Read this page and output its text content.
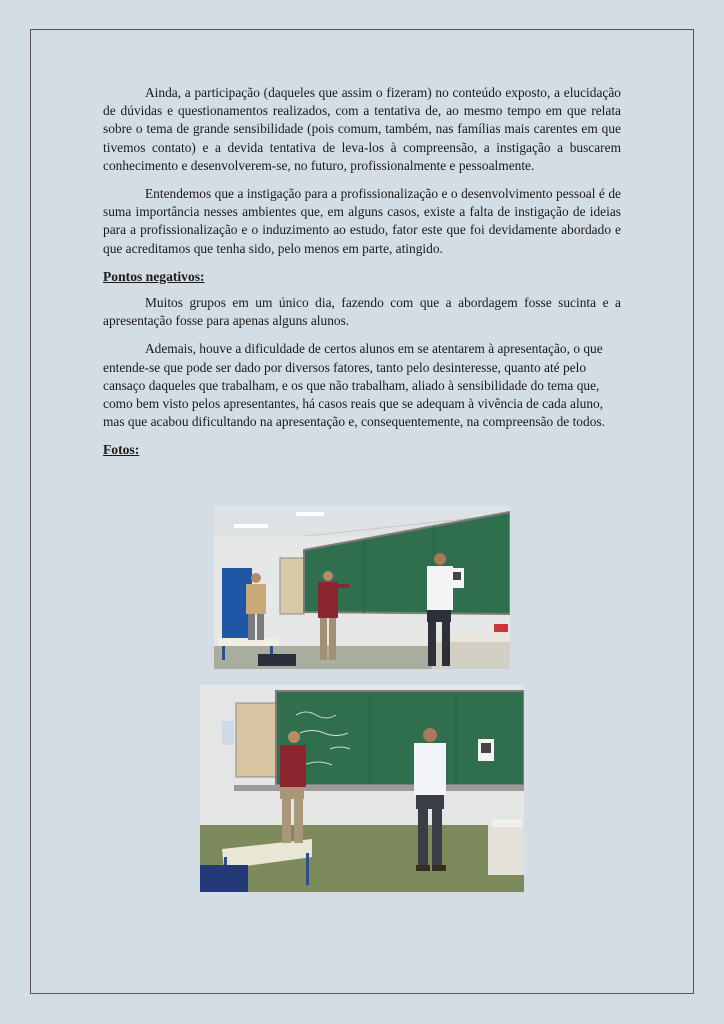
Ainda, a participação (daqueles que assim o fizeram) no conteúdo exposto, a elucidação de dúvidas e questionamentos realizados, com a tentativa de, ao mesmo tempo em que relata sobre o tema de grande sensibilidade (pois comum, também, nas famílias mais carentes em que tivemos contato) e a devida tentativa de leva-los à compreensão, a instigação a buscarem conhecimento e desenvolverem-se, no futuro, profissionalmente e pessoalmente.

Entendemos que a instigação para a profissionalização e o desenvolvimento pessoal é de suma importância nesses ambientes que, em alguns casos, existe a falta de instigação de ideias para a profissionalização e o induzimento ao estudo, fator este que foi devidamente abordado e que acreditamos que tenha sido, pelo menos em parte, atingido.

Pontos negativos:

Muitos grupos em um único dia, fazendo com que a abordagem fosse sucinta e a apresentação fosse para apenas alguns alunos.

Ademais, houve a dificuldade de certos alunos em se atentarem à apresentação, o que entende-se que pode ser dado por diversos fatores, tanto pelo desinteresse, quanto até pelo cansaço daqueles que trabalham, e os que não trabalham, aliado à sensibilidade do tema que, como bem visto pelos apresentantes, há casos reais que se adequam à vivência de cada aluno, mas que acabou dificultando na apresentação e, consequentemente, na compreensão de todos.

Fotos:
